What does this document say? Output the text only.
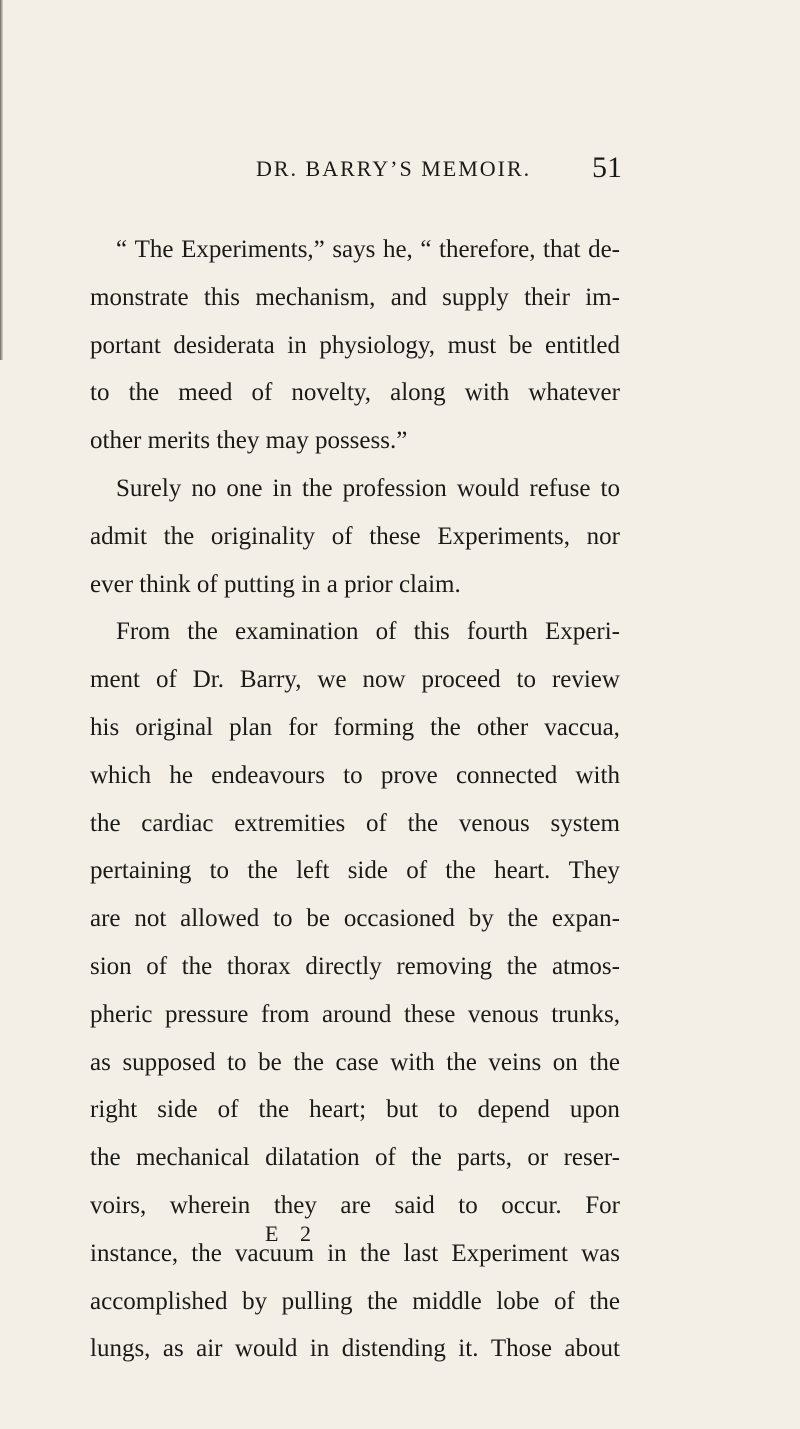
DR. BARRY’S MEMOIR. 51
“ The Experiments,” says he, “ therefore, that de-
monstrate this mechanism, and supply their im-
portant desiderata in physiology, must be entitled
to the meed of novelty, along with whatever
other merits they may possess.”
Surely no one in the profession would refuse to
admit the originality of these Experiments, nor
ever think of putting in a prior claim.
From the examination of this fourth Experi-
ment of Dr. Barry, we now proceed to review
his original plan for forming the other vaccua,
which he endeavours to prove connected with
the cardiac extremities of the venous system
pertaining to the left side of the heart. They
are not allowed to be occasioned by the expan-
sion of the thorax directly removing the atmos-
pheric pressure from around these venous trunks,
as supposed to be the case with the veins on the
right side of the heart; but to depend upon
the mechanical dilatation of the parts, or reser-
voirs, wherein they are said to occur. For
instance, the vacuum in the last Experiment was
accomplished by pulling the middle lobe of the
lungs, as air would in distending it. Those about
E 2
